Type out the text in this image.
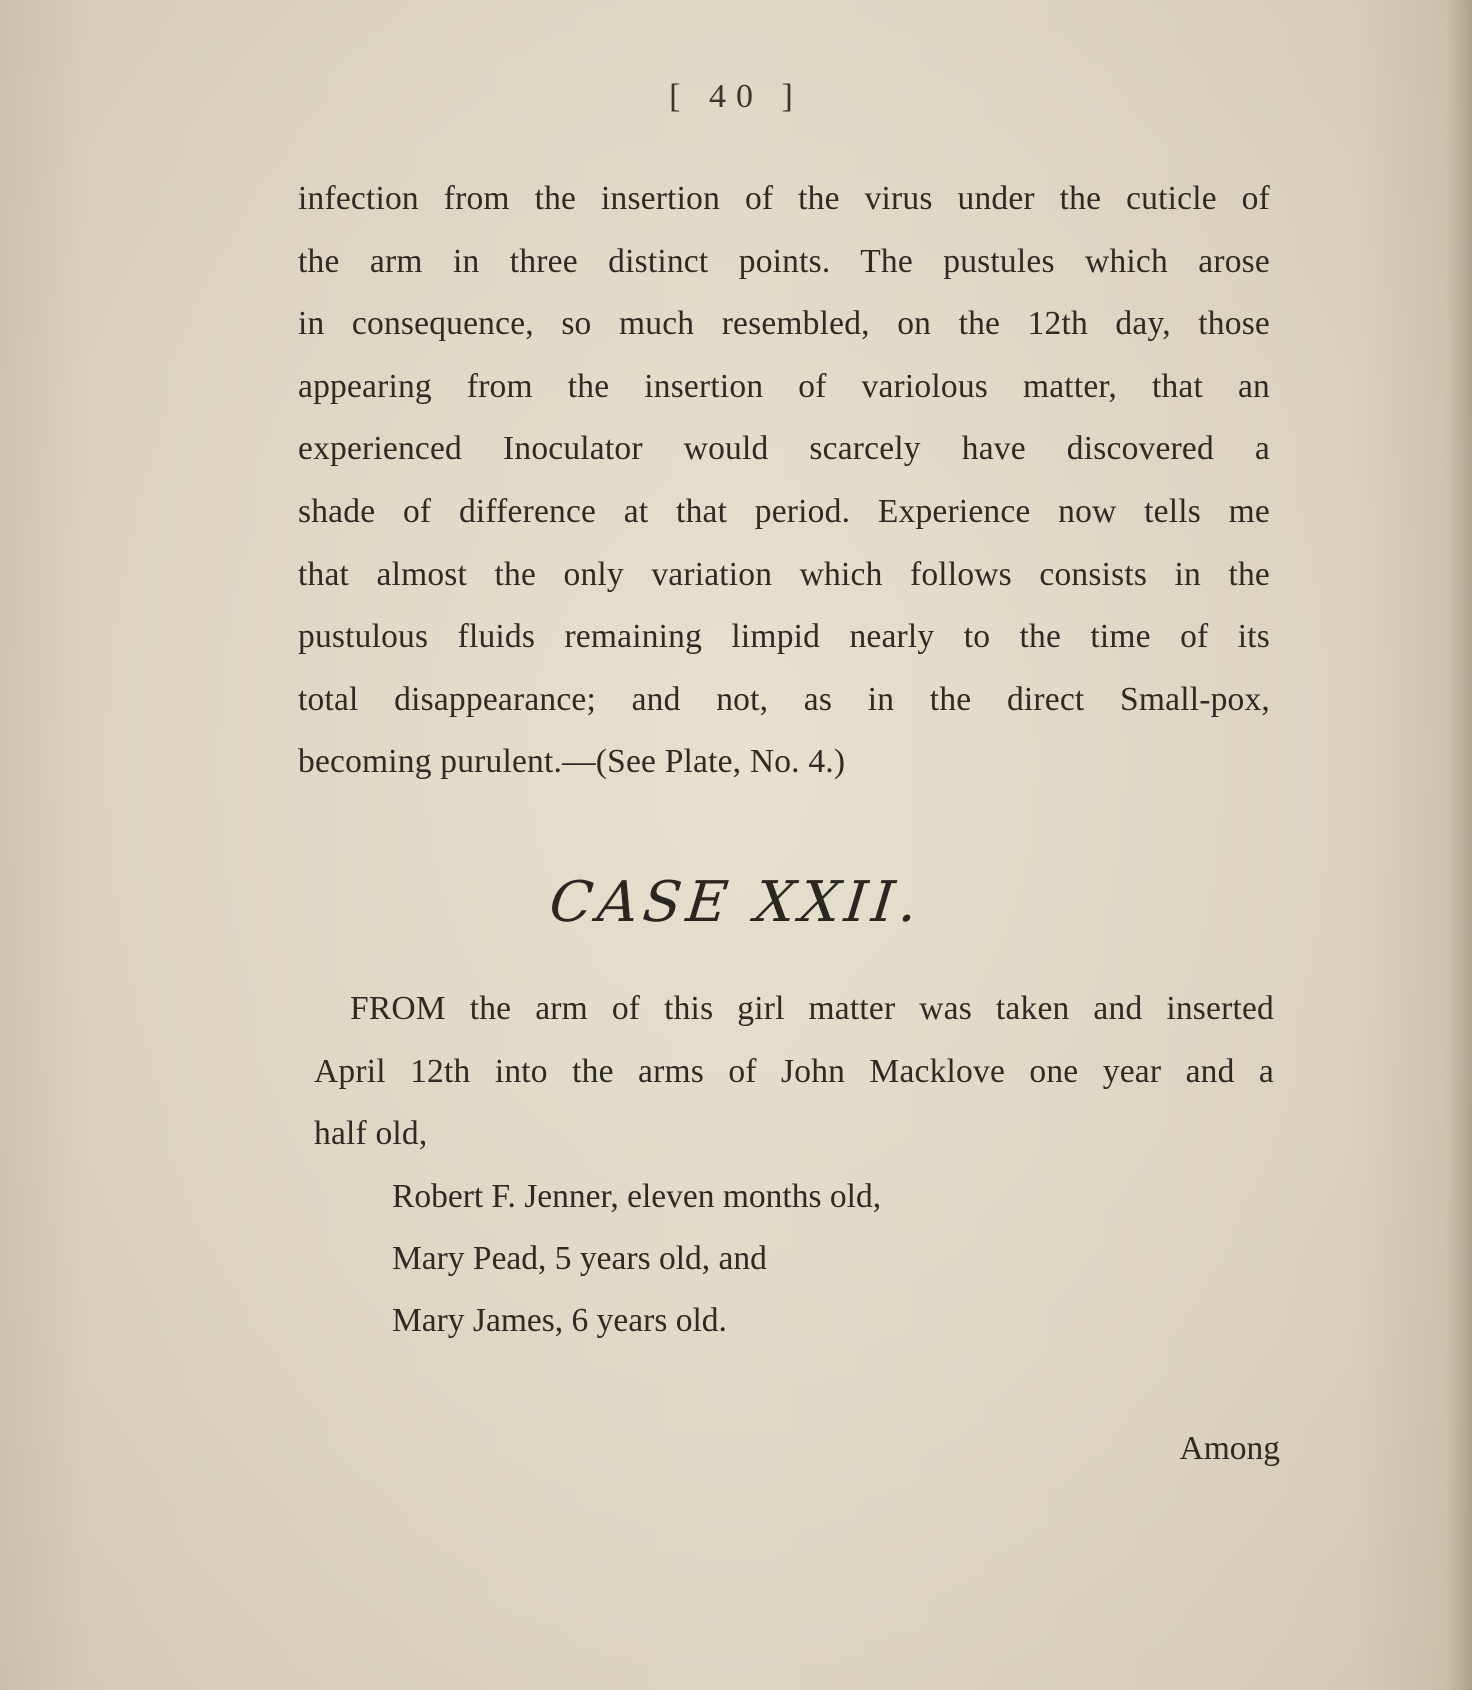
[ 40 ]
infection from the insertion of the virus under the cuticle of
the arm in three distinct points. The pustules which arose
in consequence, so much resembled, on the 12th day, those
appearing from the insertion of variolous matter, that an
experienced Inoculator would scarcely have discovered a
shade of difference at that period. Experience now tells me
that almost the only variation which follows consists in the
pustulous fluids remaining limpid nearly to the time of its
total disappearance; and not, as in the direct Small-pox,
becoming purulent.—(See Plate, No. 4.)
CASE XXII.
FROM the arm of this girl matter was taken and inserted
April 12th into the arms of John Macklove one year and a
half old,
Robert F. Jenner, eleven months old,
Mary Pead, 5 years old, and
Mary James, 6 years old.
Among
